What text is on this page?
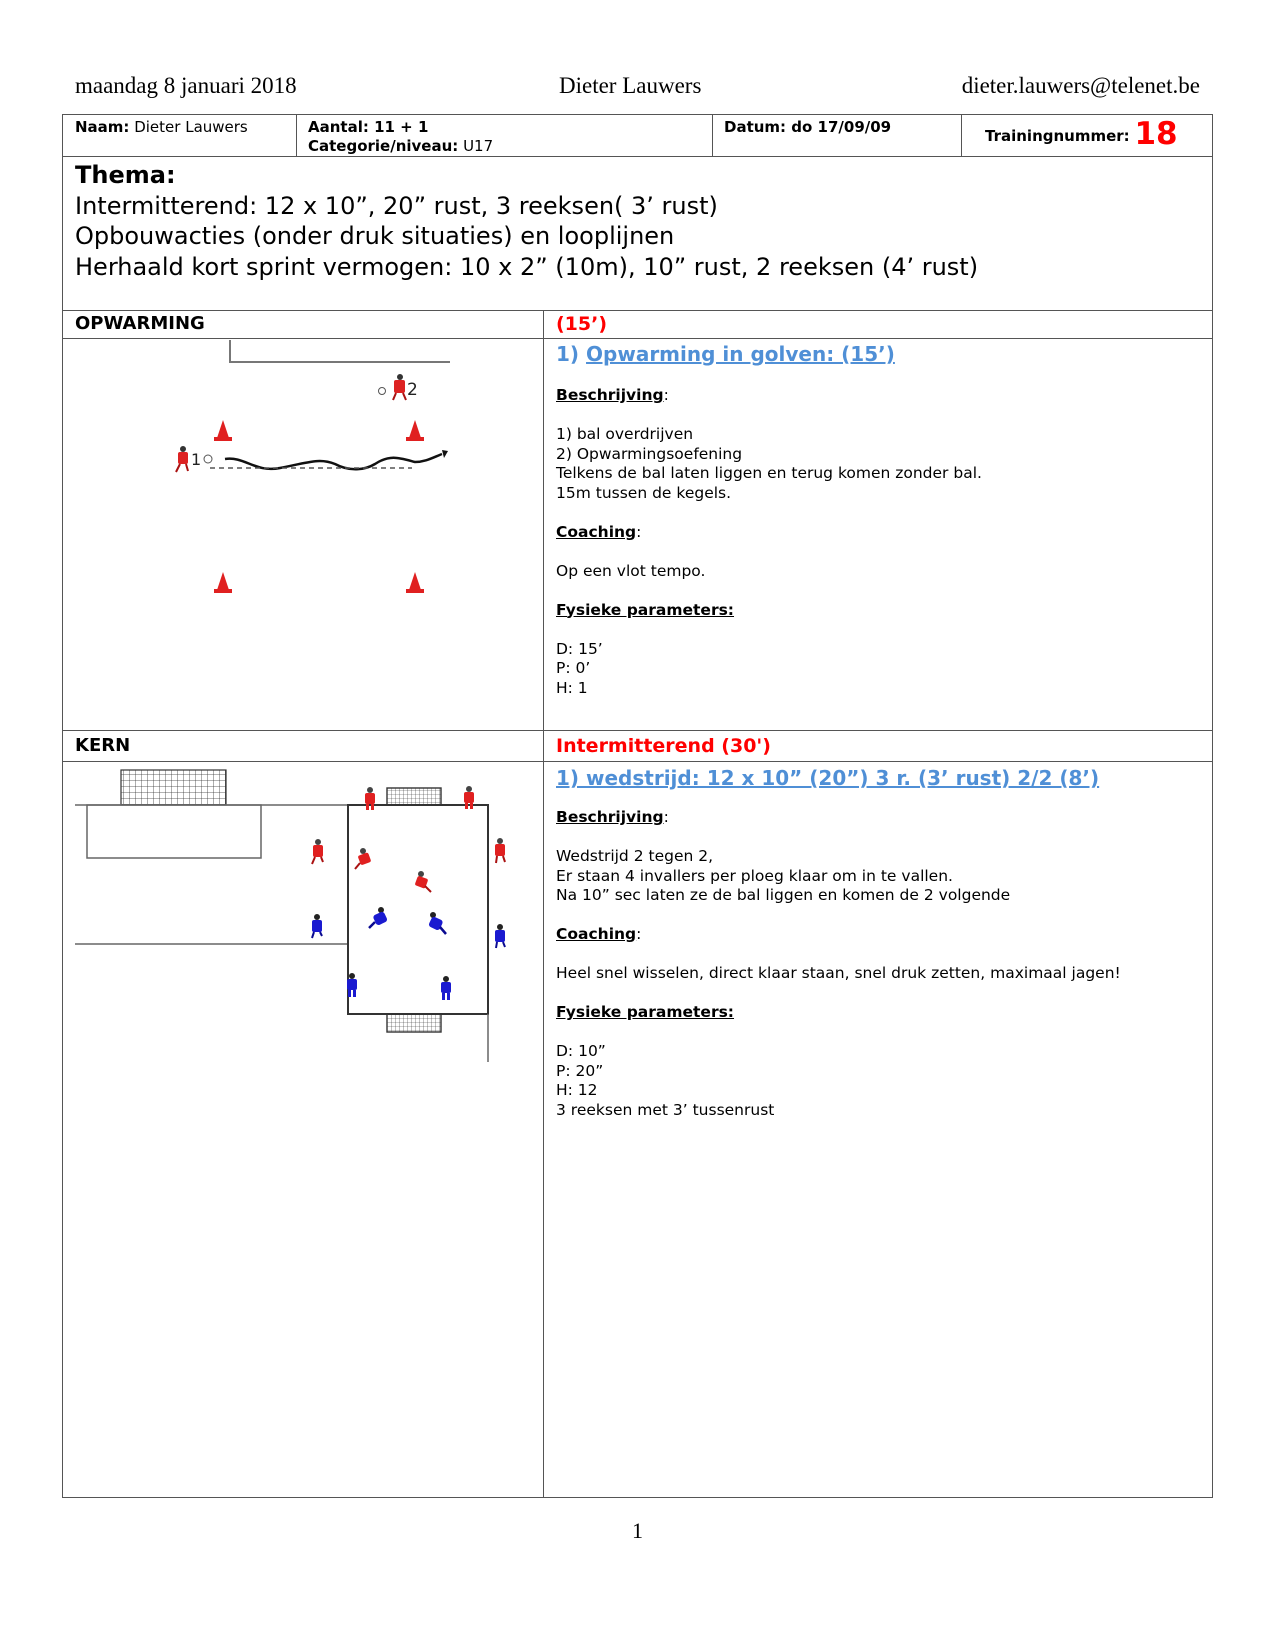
maandag 8 januari 2018	Dieter Lauwers	dieter.lauwers@telenet.be
Naam: Dieter Lauwers	Aantal: 11 + 1
Categorie/niveau: U17
Datum: do 17/09/09	Trainingnummer: 18
Thema:
Intermitterend: 12 x 10”, 20” rust, 3 reeksen( 3’ rust)
Opbouwacties (onder druk situaties) en looplijnen
Herhaald kort sprint vermogen: 10 x 2” (10m), 10” rust, 2 reeksen (4’ rust)
OPWARMING	(15’)
1) Opwarming in golven: (15’)
Beschrijving:
1) bal overdrijven
2) Opwarmingsoefening
Telkens de bal laten liggen en terug komen zonder bal.
15m tussen de kegels.
Coaching:
Op een vlot tempo.
Fysieke parameters:
D: 15’
P: 0’
H: 1
1
2
KERN	Intermitterend (30')
1) wedstrijd: 12 x 10” (20”) 3 r. (3’ rust) 2/2 (8’)
Beschrijving:
Wedstrijd 2 tegen 2,
Er staan 4 invallers per ploeg klaar om in te vallen.
Na 10” sec laten ze de bal liggen en komen de 2 volgende
Coaching:
Heel snel wisselen, direct klaar staan, snel druk zetten, maximaal jagen!
Fysieke parameters:
D: 10”
P: 20”
H: 12
3 reeksen met 3’ tussenrust
1
